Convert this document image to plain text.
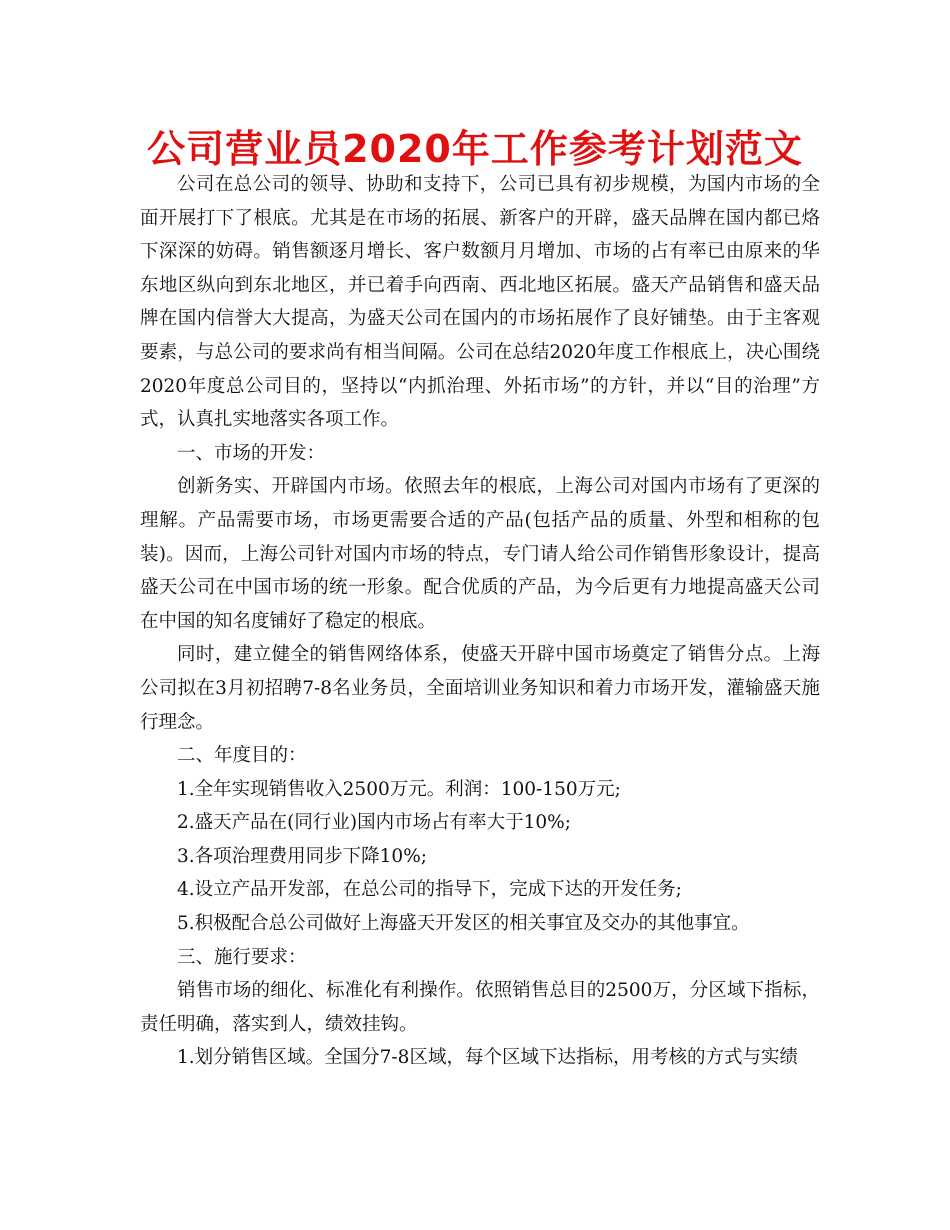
公司营业员2020年工作参考计划范文

公司在总公司的领导、协助和支持下，公司已具有初步规模，为国内市场的全面开展打下了根底。尤其是在市场的拓展、新客户的开辟，盛天品牌在国内都已烙下深深的妨碍。销售额逐月增长、客户数额月月增加、市场的占有率已由原来的华东地区纵向到东北地区，并已着手向西南、西北地区拓展。盛天产品销售和盛天品牌在国内信誉大大提高，为盛天公司在国内的市场拓展作了良好铺垫。由于主客观要素，与总公司的要求尚有相当间隔。公司在总结2020年度工作根底上，决心围绕2020年度总公司目的，坚持以“内抓治理、外拓市场”的方针，并以“目的治理”方式，认真扎实地落实各项工作。

一、市场的开发：

创新务实、开辟国内市场。依照去年的根底，上海公司对国内市场有了更深的理解。产品需要市场，市场更需要合适的产品(包括产品的质量、外型和相称的包装)。因而，上海公司针对国内市场的特点，专门请人给公司作销售形象设计，提高盛天公司在中国市场的统一形象。配合优质的产品，为今后更有力地提高盛天公司在中国的知名度铺好了稳定的根底。

同时，建立健全的销售网络体系，使盛天开辟中国市场奠定了销售分点。上海公司拟在3月初招聘7-8名业务员，全面培训业务知识和着力市场开发，灌输盛天施行理念。

二、年度目的：

1.全年实现销售收入2500万元。利润：100-150万元;

2.盛天产品在(同行业)国内市场占有率大于10%;

3.各项治理费用同步下降10%;

4.设立产品开发部，在总公司的指导下，完成下达的开发任务;

5.积极配合总公司做好上海盛天开发区的相关事宜及交办的其他事宜。

三、施行要求：

销售市场的细化、标准化有利操作。依照销售总目的2500万，分区域下指标，责任明确，落实到人，绩效挂钩。

1.划分销售区域。全国分7-8区域，每个区域下达指标，用考核的方式与实绩
